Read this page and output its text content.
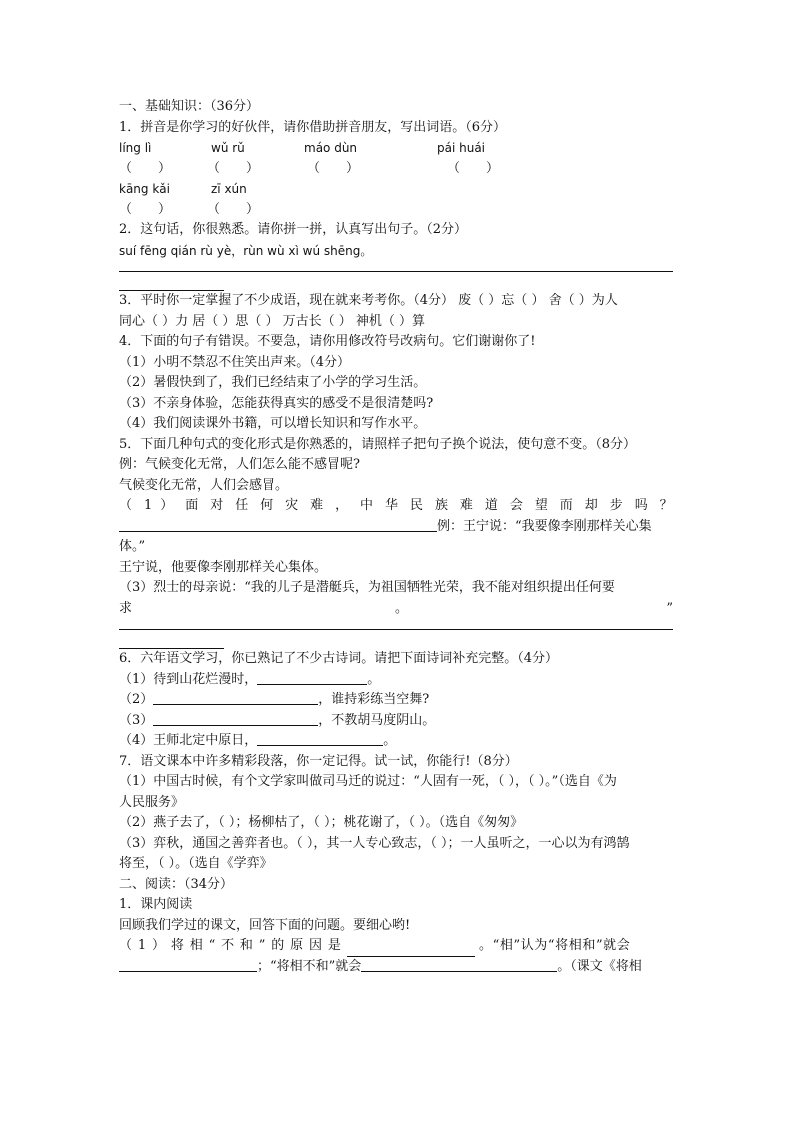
一、基础知识：（36分）
1．拼音是你学习的好伙伴，请你借助拼音朋友，写出词语。（6分）
líng lì	wǔ rǔ	máo dùn	pái huái
（　　）	（　　）	（　　）	（　　）
kāng kǎi	zī xún
（　　）	（　　）
2．这句话，你很熟悉。请你拼一拼，认真写出句子。（2分）
suí fēng qián rù yè，rùn wù xì wú shēng。
3．平时你一定掌握了不少成语，现在就来考考你。（4分） 废（ ）忘（ ） 舍（ ）为人
同心（ ）力 居（ ）思（ ） 万古长（ ） 神机（ ）算
4．下面的句子有错误。不要急，请你用修改符号改病句。它们谢谢你了!
（1）小明不禁忍不住笑出声来。（4分）
（2）暑假快到了，我们已经结束了小学的学习生活。
（3）不亲身体验，怎能获得真实的感受不是很清楚吗?
（4）我们阅读课外书籍，可以增长知识和写作水平。
5．下面几种句式的变化形式是你熟悉的，请照样子把句子换个说法，使句意不变。（8分）
例：气候变化无常，人们怎么能不感冒呢?
气候变化无常，人们会感冒。
（ 1 ） 面 对 任 何 灾 难 ， 中 华 民 族 难 道 会 望 而 却 步 吗 ？
例：王宁说：“我要像李刚那样关心集
体。”
王宁说，他要像李刚那样关心集体。
（3）烈士的母亲说：“我的儿子是潜艇兵，为祖国牺牲光荣，我不能对组织提出任何要
求	。	”
6．六年语文学习，你已熟记了不少古诗词。请把下面诗词补充完整。（4分）
（1）待到山花烂漫时，	。
（2）	，谁持彩练当空舞?
（3）	，不教胡马度阴山。
（4）王师北定中原日，	。
7．语文课本中许多精彩段落，你一定记得。试一试，你能行!（8分）
（1）中国古时候，有个文学家叫做司马迁的说过：“人固有一死，（ ），（ ）。”（选自《为
人民服务》
（2）燕子去了，（ ）；杨柳枯了，（ ）；桃花谢了，（ ）。（选自《匆匆》
（3）弈秋，通国之善弈者也。（ ），其一人专心致志，（ ）；一人虽听之，一心以为有鸿鹄
将至，（ ）。（选自《学弈》
二、阅读：（34分）
1．课内阅读
回顾我们学过的课文，回答下面的问题。要细心哟!
（ 1 ） 将 相 “ 不 和 ” 的 原 因 是	。“相”认为“将相和”就会
；“将相不和”就会	。（课文《将相
